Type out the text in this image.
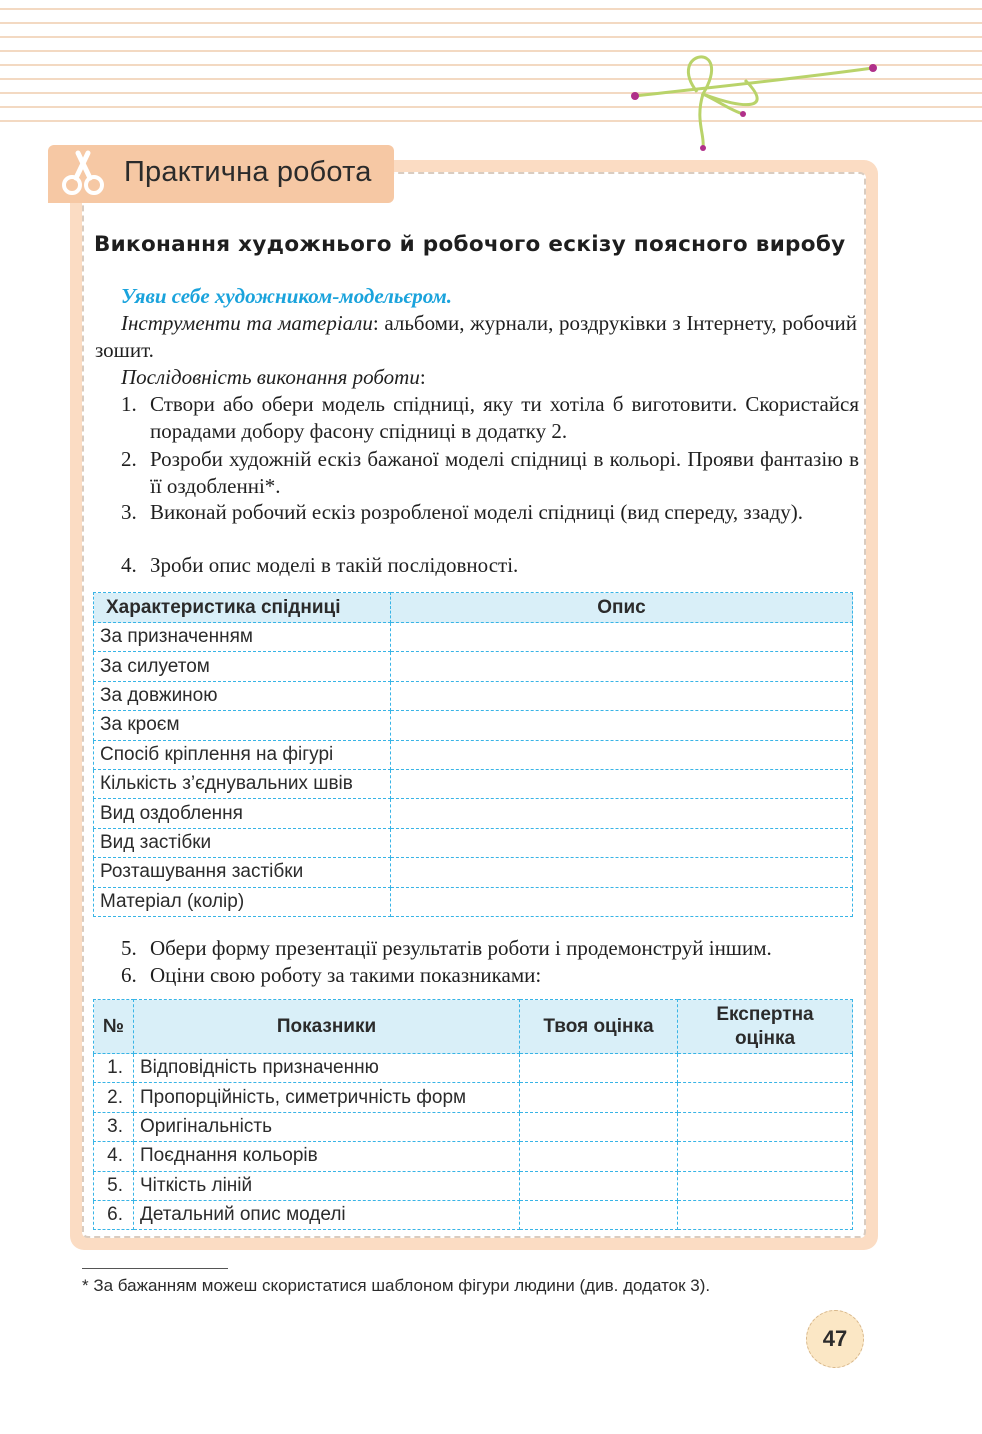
Практична робота
Виконання художнього й робочого ескізу поясного виробу
Уяви себе художником-модельєром.
Інструменти та матеріали: альбоми, журнали, роздруківки з Інтернету, робочий зошит.
Послідовність виконання роботи:
1. Створи або обери модель спідниці, яку ти хотіла б виготовити. Скористайся порадами добору фасону спідниці в додатку 2.
2. Розроби художній ескіз бажаної моделі спідниці в кольорі. Прояви фантазію в її оздобленні*.
3. Виконай робочий ескіз розробленої моделі спідниці (вид спереду, ззаду).
4. Зроби опис моделі в такій послідовності.
Характеристика спідниці	Опис
За призначенням	
За силуетом	
За довжиною	
За кроєм	
Спосіб кріплення на фігурі	
Кількість з’єднувальних швів	
Вид оздоблення	
Вид застібки	
Розташування застібки	
Матеріал (колір)	
5. Обери форму презентації результатів роботи і продемонструй іншим.
6. Оціни свою роботу за такими показниками:
№	Показники	Твоя оцінка	Експертна оцінка
1.	Відповідність призначенню		
2.	Пропорційність, симетричність форм		
3.	Оригінальність		
4.	Поєднання кольорів		
5.	Чіткість ліній		
6.	Детальний опис моделі		
* За бажанням можеш скористатися шаблоном фігури людини (див. додаток 3).
47
